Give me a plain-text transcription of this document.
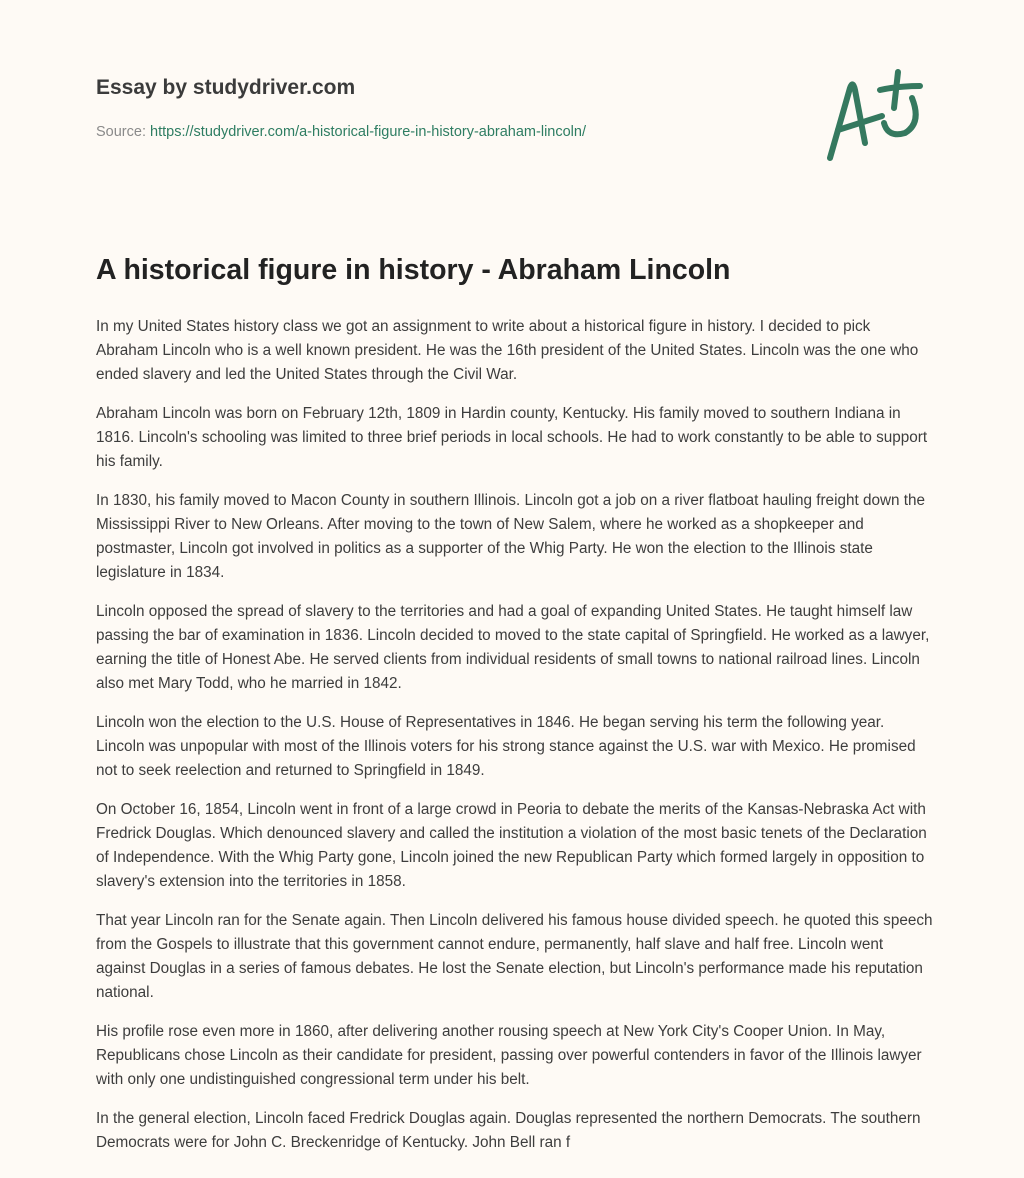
Essay by studydriver.com
Source: https://studydriver.com/a-historical-figure-in-history-abraham-lincoln/
A historical figure in history - Abraham Lincoln

In my United States history class we got an assignment to write about a historical figure in history. I decided to pick Abraham Lincoln who is a well known president. He was the 16th president of the United States. Lincoln was the one who ended slavery and led the United States through the Civil War.

Abraham Lincoln was born on February 12th, 1809 in Hardin county, Kentucky. His family moved to southern Indiana in 1816. Lincoln's schooling was limited to three brief periods in local schools. He had to work constantly to be able to support his family.

In 1830, his family moved to Macon County in southern Illinois. Lincoln got a job on a river flatboat hauling freight down the Mississippi River to New Orleans. After moving to the town of New Salem, where he worked as a shopkeeper and postmaster, Lincoln got involved in politics as a supporter of the Whig Party. He won the election to the Illinois state legislature in 1834.

Lincoln opposed the spread of slavery to the territories and had a goal of expanding United States. He taught himself law passing the bar of examination in 1836. Lincoln decided to moved to the state capital of Springfield. He worked as a lawyer, earning the title of Honest Abe. He served clients from individual residents of small towns to national railroad lines. Lincoln also met Mary Todd, who he married in 1842.

Lincoln won the election to the U.S. House of Representatives in 1846. He began serving his term the following year. Lincoln was unpopular with most of the Illinois voters for his strong stance against the U.S. war with Mexico. He promised not to seek reelection and returned to Springfield in 1849.

On October 16, 1854, Lincoln went in front of a large crowd in Peoria to debate the merits of the Kansas-Nebraska Act with Fredrick Douglas. Which denounced slavery and called the institution a violation of the most basic tenets of the Declaration of Independence. With the Whig Party gone, Lincoln joined the new Republican Party which formed largely in opposition to slavery's extension into the territories in 1858.

That year Lincoln ran for the Senate again. Then Lincoln delivered his famous house divided speech. he quoted this speech from the Gospels to illustrate that this government cannot endure, permanently, half slave and half free. Lincoln went against Douglas in a series of famous debates. He lost the Senate election, but Lincoln's performance made his reputation national.

His profile rose even more in 1860, after delivering another rousing speech at New York City's Cooper Union. In May, Republicans chose Lincoln as their candidate for president, passing over powerful contenders in favor of the Illinois lawyer with only one undistinguished congressional term under his belt.

In the general election, Lincoln faced Fredrick Douglas again. Douglas represented the northern Democrats. The southern Democrats were for John C. Breckenridge of Kentucky. John Bell ran f
